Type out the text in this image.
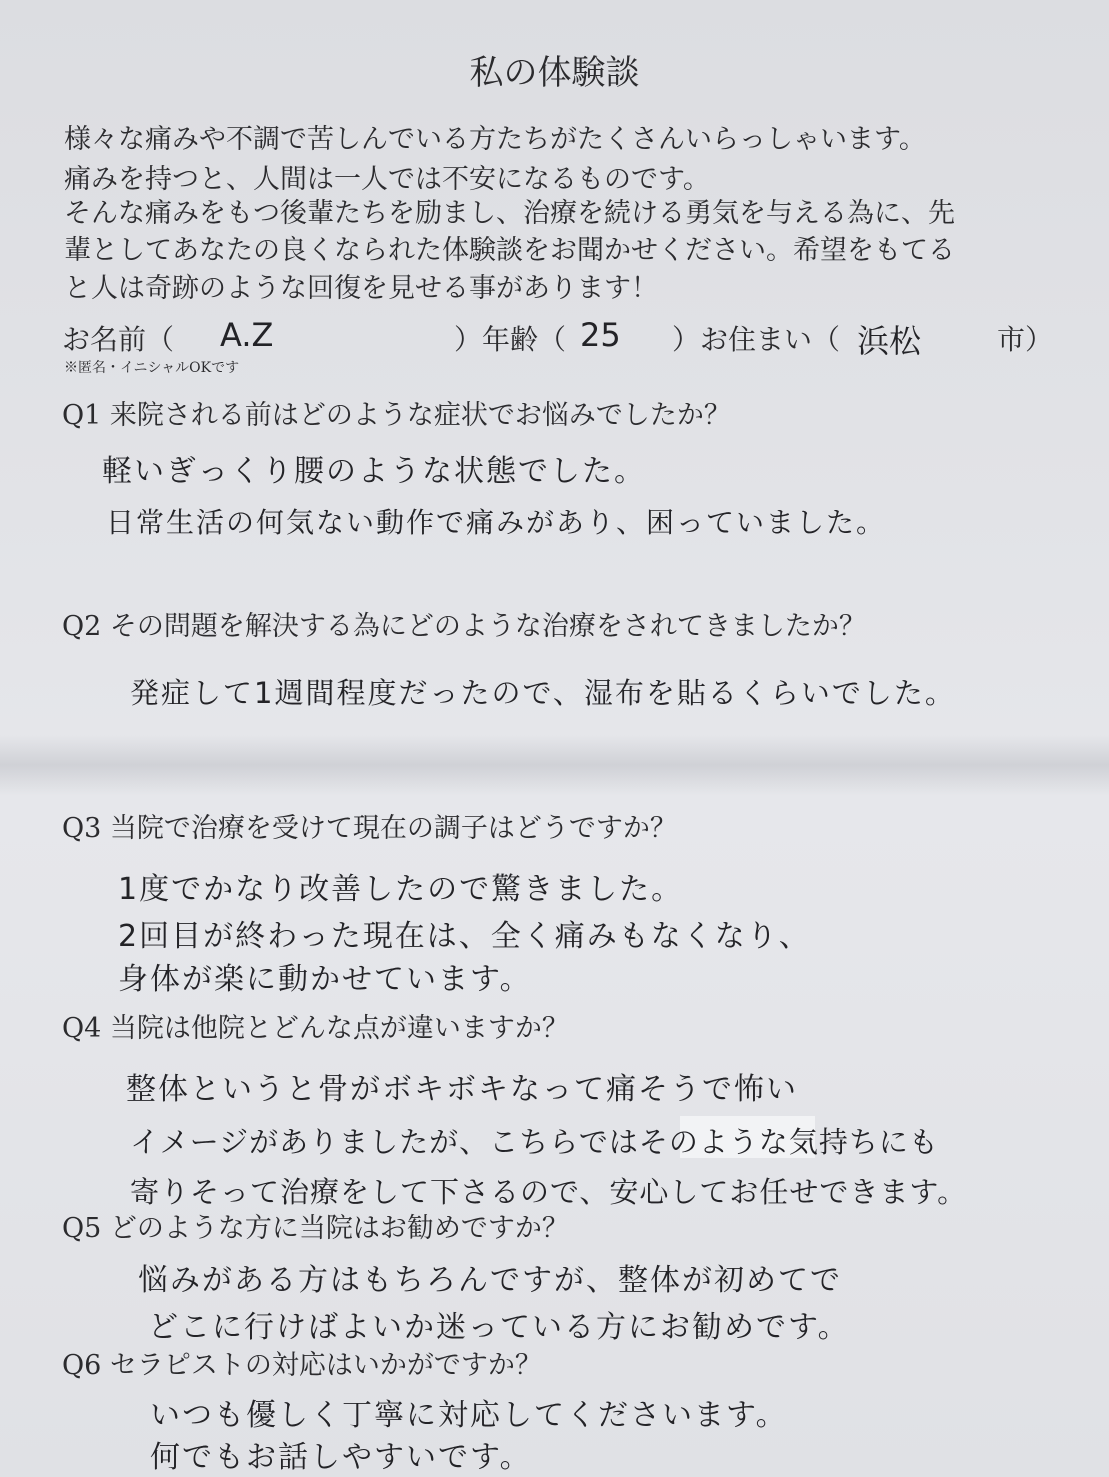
私の体験談
様々な痛みや不調で苦しんでいる方たちがたくさんいらっしゃいます。
痛みを持つと、人間は一人では不安になるものです。
そんな痛みをもつ後輩たちを励まし、治療を続ける勇気を与える為に、先
輩としてあなたの良くなられた体験談をお聞かせください。希望をもてる
と人は奇跡のような回復を見せる事があります！
お名前（ A.Z	）年齢（ 25 ）お住まい（ 浜松	市）
※匿名・イニシャルOKです
Q1 来院される前はどのような症状でお悩みでしたか？
軽いぎっくり腰のような状態でした。
日常生活の何気ない動作で痛みがあり、困っていました。
Q2 その問題を解決する為にどのような治療をされてきましたか？
発症して1週間程度だったので、湿布を貼るくらいでした。
Q3 当院で治療を受けて現在の調子はどうですか？
1度でかなり改善したので驚きました。
2回目が終わった現在は、全く痛みもなくなり、
身体が楽に動かせています。
Q4 当院は他院とどんな点が違いますか？
整体というと骨がボキボキなって痛そうで怖い
イメージがありましたが、こちらではそのような気持ちにも
寄りそって治療をして下さるので、安心してお任せできます。
Q5 どのような方に当院はお勧めですか？
悩みがある方はもちろんですが、整体が初めてで
どこに行けばよいか迷っている方にお勧めです。
Q6 セラピストの対応はいかがですか？
いつも優しく丁寧に対応してくださいます。
何でもお話しやすいです。
